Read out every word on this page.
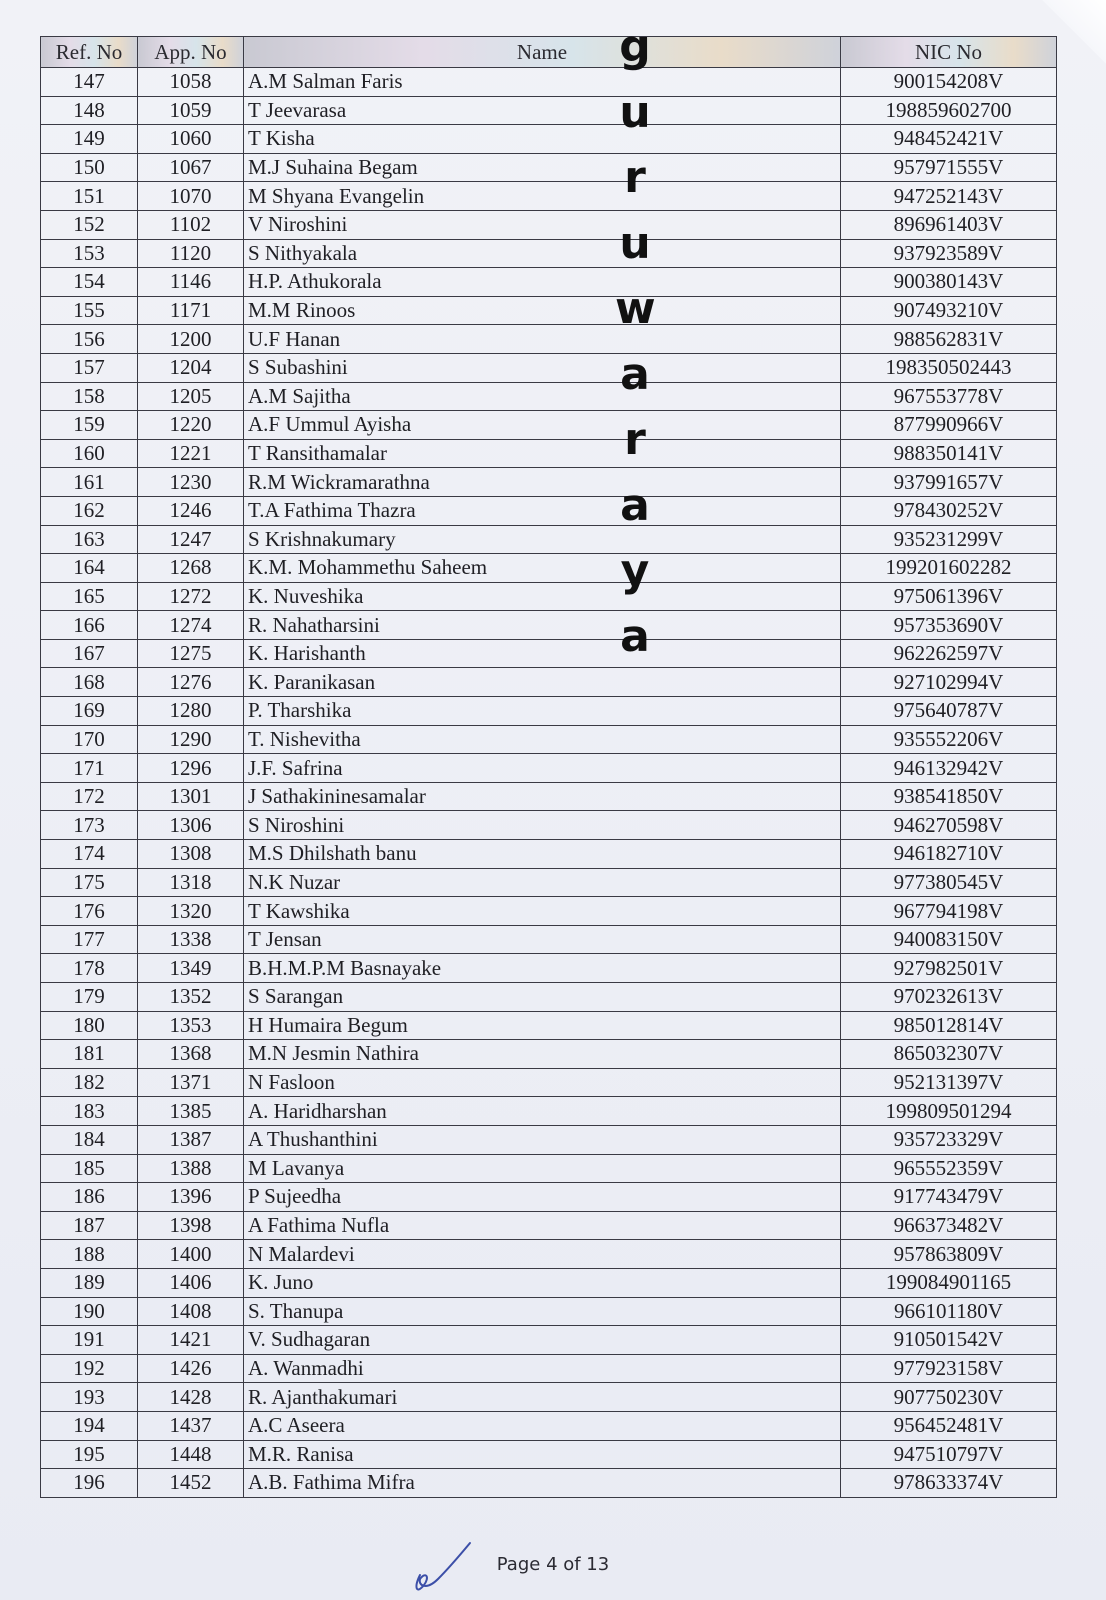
Ref. No	App. No	Name	NIC No
147	1058	A.M Salman Faris	900154208V
148	1059	T Jeevarasa	198859602700
149	1060	T Kisha	948452421V
150	1067	M.J Suhaina Begam	957971555V
151	1070	M Shyana Evangelin	947252143V
152	1102	V Niroshini	896961403V
153	1120	S Nithyakala	937923589V
154	1146	H.P. Athukorala	900380143V
155	1171	M.M Rinoos	907493210V
156	1200	U.F Hanan	988562831V
157	1204	S Subashini	198350502443
158	1205	A.M Sajitha	967553778V
159	1220	A.F Ummul Ayisha	877990966V
160	1221	T Ransithamalar	988350141V
161	1230	R.M Wickramarathna	937991657V
162	1246	T.A Fathima Thazra	978430252V
163	1247	S Krishnakumary	935231299V
164	1268	K.M. Mohammethu Saheem	199201602282
165	1272	K. Nuveshika	975061396V
166	1274	R. Nahatharsini	957353690V
167	1275	K. Harishanth	962262597V
168	1276	K. Paranikasan	927102994V
169	1280	P. Tharshika	975640787V
170	1290	T. Nishevitha	935552206V
171	1296	J.F. Safrina	946132942V
172	1301	J Sathakininesamalar	938541850V
173	1306	S Niroshini	946270598V
174	1308	M.S Dhilshath banu	946182710V
175	1318	N.K Nuzar	977380545V
176	1320	T Kawshika	967794198V
177	1338	T Jensan	940083150V
178	1349	B.H.M.P.M Basnayake	927982501V
179	1352	S Sarangan	970232613V
180	1353	H Humaira Begum	985012814V
181	1368	M.N Jesmin Nathira	865032307V
182	1371	N Fasloon	952131397V
183	1385	A. Haridharshan	199809501294
184	1387	A Thushanthini	935723329V
185	1388	M Lavanya	965552359V
186	1396	P Sujeedha	917743479V
187	1398	A Fathima Nufla	966373482V
188	1400	N Malardevi	957863809V
189	1406	K. Juno	199084901165
190	1408	S. Thanupa	966101180V
191	1421	V. Sudhagaran	910501542V
192	1426	A. Wanmadhi	977923158V
193	1428	R. Ajanthakumari	907750230V
194	1437	A.C Aseera	956452481V
195	1448	M.R. Ranisa	947510797V
196	1452	A.B. Fathima Mifra	978633374V
g
u
r
u
w
a
r
a
y
a
Page 4 of 13
